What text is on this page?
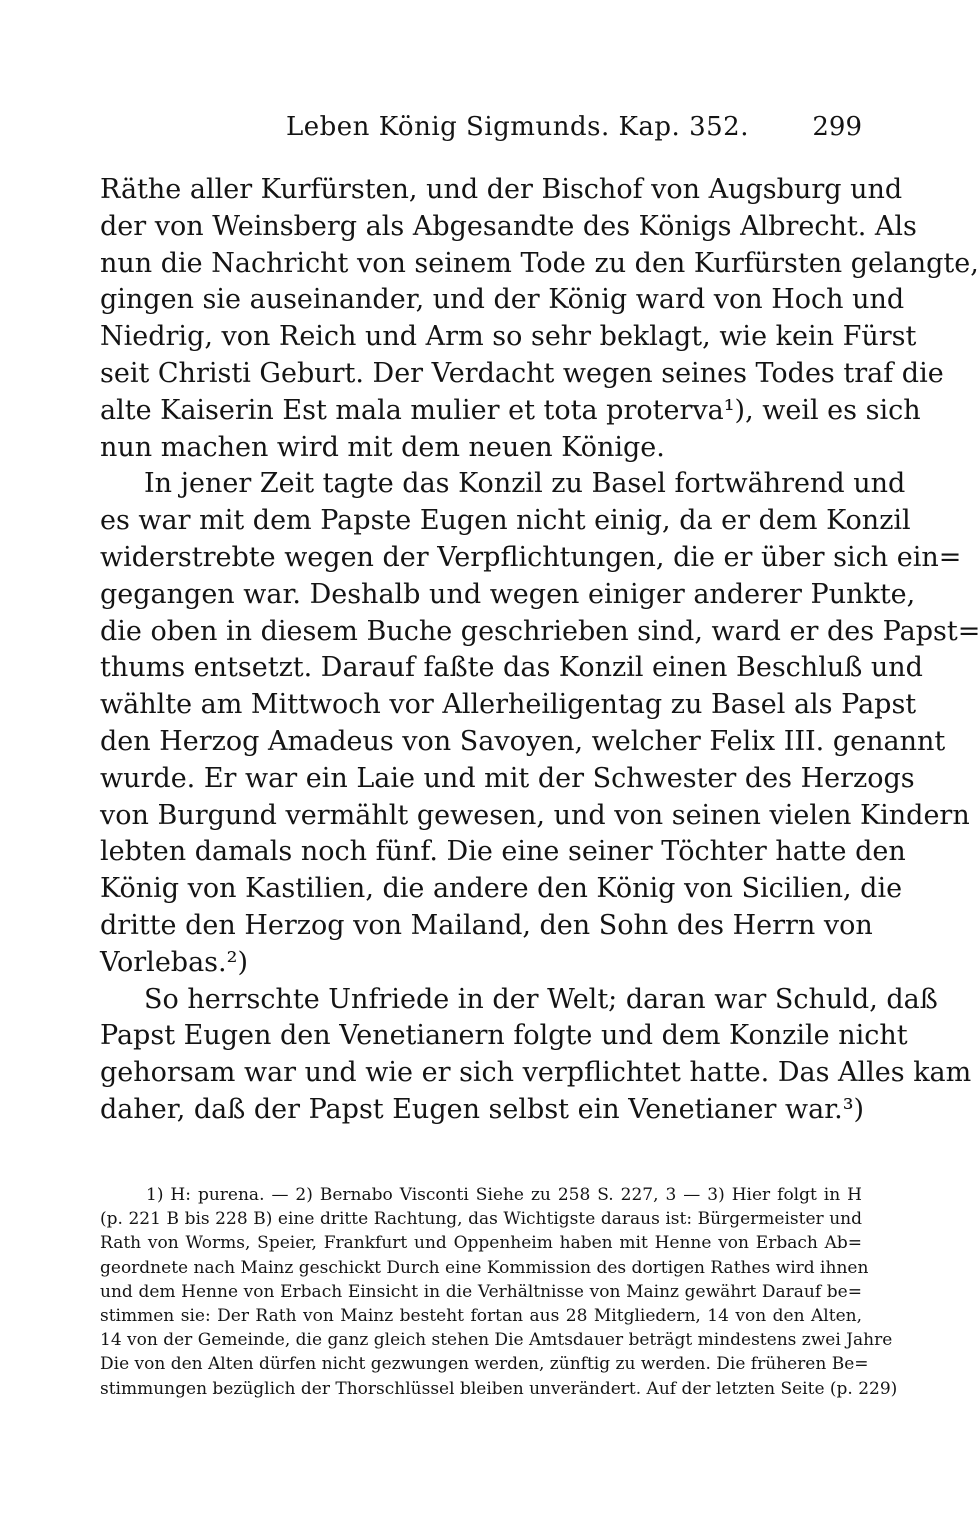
Leben König Sigmunds. Kap. 352. 299
Räthe aller Kurfürsten, und der Bischof von Augsburg und
der von Weinsberg als Abgesandte des Königs Albrecht. Als
nun die Nachricht von seinem Tode zu den Kurfürsten gelangte,
gingen sie auseinander, und der König ward von Hoch und
Niedrig, von Reich und Arm so sehr beklagt, wie kein Fürst
seit Christi Geburt. Der Verdacht wegen seines Todes traf die
alte Kaiserin Est mala mulier et tota proterva¹), weil es sich
nun machen wird mit dem neuen Könige.
In jener Zeit tagte das Konzil zu Basel fortwährend und
es war mit dem Papste Eugen nicht einig, da er dem Konzil
widerstrebte wegen der Verpflichtungen, die er über sich ein=
gegangen war. Deshalb und wegen einiger anderer Punkte,
die oben in diesem Buche geschrieben sind, ward er des Papst=
thums entsetzt. Darauf faßte das Konzil einen Beschluß und
wählte am Mittwoch vor Allerheiligentag zu Basel als Papst
den Herzog Amadeus von Savoyen, welcher Felix III. genannt
wurde. Er war ein Laie und mit der Schwester des Herzogs
von Burgund vermählt gewesen, und von seinen vielen Kindern
lebten damals noch fünf. Die eine seiner Töchter hatte den
König von Kastilien, die andere den König von Sicilien, die
dritte den Herzog von Mailand, den Sohn des Herrn von
Vorlebas.²)
So herrschte Unfriede in der Welt; daran war Schuld, daß
Papst Eugen den Venetianern folgte und dem Konzile nicht
gehorsam war und wie er sich verpflichtet hatte. Das Alles kam
daher, daß der Papst Eugen selbst ein Venetianer war.³)
1) H: purena. — 2) Bernabo Visconti Siehe zu 258 S. 227, 3 — 3) Hier folgt in H
(p. 221 B bis 228 B) eine dritte Rachtung, das Wichtigste daraus ist: Bürgermeister und
Rath von Worms, Speier, Frankfurt und Oppenheim haben mit Henne von Erbach Ab=
geordnete nach Mainz geschickt Durch eine Kommission des dortigen Rathes wird ihnen
und dem Henne von Erbach Einsicht in die Verhältnisse von Mainz gewährt Darauf be=
stimmen sie: Der Rath von Mainz besteht fortan aus 28 Mitgliedern, 14 von den Alten,
14 von der Gemeinde, die ganz gleich stehen Die Amtsdauer beträgt mindestens zwei Jahre
Die von den Alten dürfen nicht gezwungen werden, zünftig zu werden. Die früheren Be=
stimmungen bezüglich der Thorschlüssel bleiben unverändert. Auf der letzten Seite (p. 229)
